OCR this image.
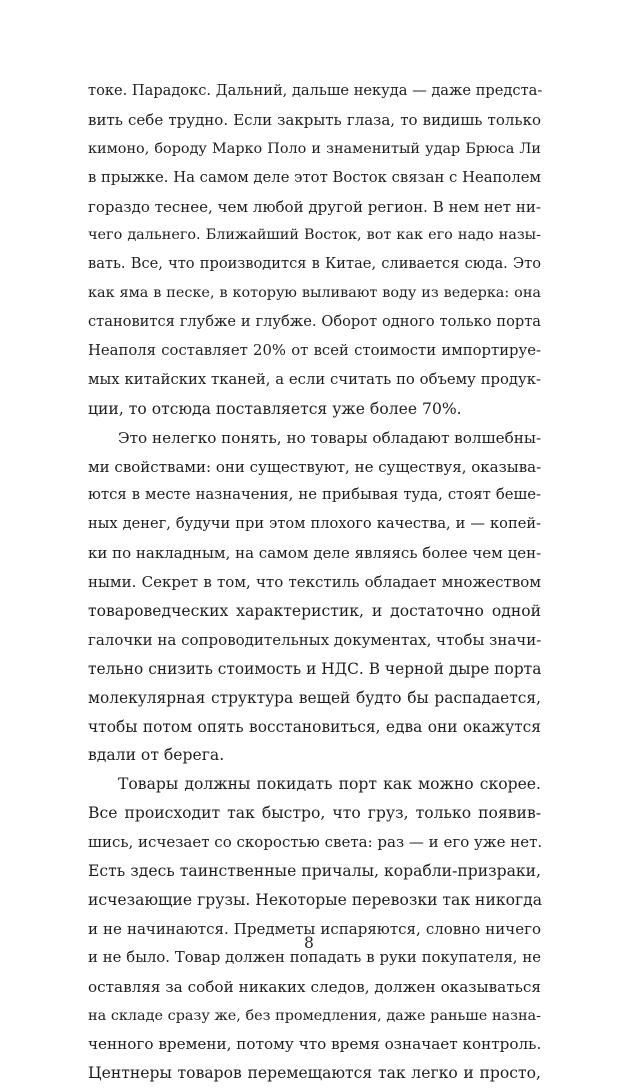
токе. Парадокс. Дальний, дальше некуда — даже предста-
вить себе трудно. Если закрыть глаза, то видишь только
кимоно, бороду Марко Поло и знаменитый удар Брюса Ли
в прыжке. На самом деле этот Восток связан с Неаполем
гораздо теснее, чем любой другой регион. В нем нет ни-
чего дальнего. Ближайший Восток, вот как его надо назы-
вать. Все, что производится в Китае, сливается сюда. Это
как яма в песке, в которую выливают воду из ведерка: она
становится глубже и глубже. Оборот одного только порта
Неаполя составляет 20% от всей стоимости импортируе-
мых китайских тканей, а если считать по объему продук-
ции, то отсюда поставляется уже более 70%.
Это нелегко понять, но товары обладают волшебны-
ми свойствами: они существуют, не существуя, оказыва-
ются в месте назначения, не прибывая туда, стоят беше-
ных денег, будучи при этом плохого качества, и — копей-
ки по накладным, на самом деле являясь более чем цен-
ными. Секрет в том, что текстиль обладает множеством
товароведческих характеристик, и достаточно одной
галочки на сопроводительных документах, чтобы значи-
тельно снизить стоимость и НДС. В черной дыре порта
молекулярная структура вещей будто бы распадается,
чтобы потом опять восстановиться, едва они окажутся
вдали от берега.
Товары должны покидать порт как можно скорее.
Все происходит так быстро, что груз, только появив-
шись, исчезает со скоростью света: раз — и его уже нет.
Есть здесь таинственные причалы, корабли-призраки,
исчезающие грузы. Некоторые перевозки так никогда
и не начинаются. Предметы испаряются, словно ничего
и не было. Товар должен попадать в руки покупателя, не
оставляя за собой никаких следов, должен оказываться
на складе сразу же, без промедления, даже раньше назна-
ченного времени, потому что время означает контроль.
Центнеры товаров перемещаются так легко и просто,
8
